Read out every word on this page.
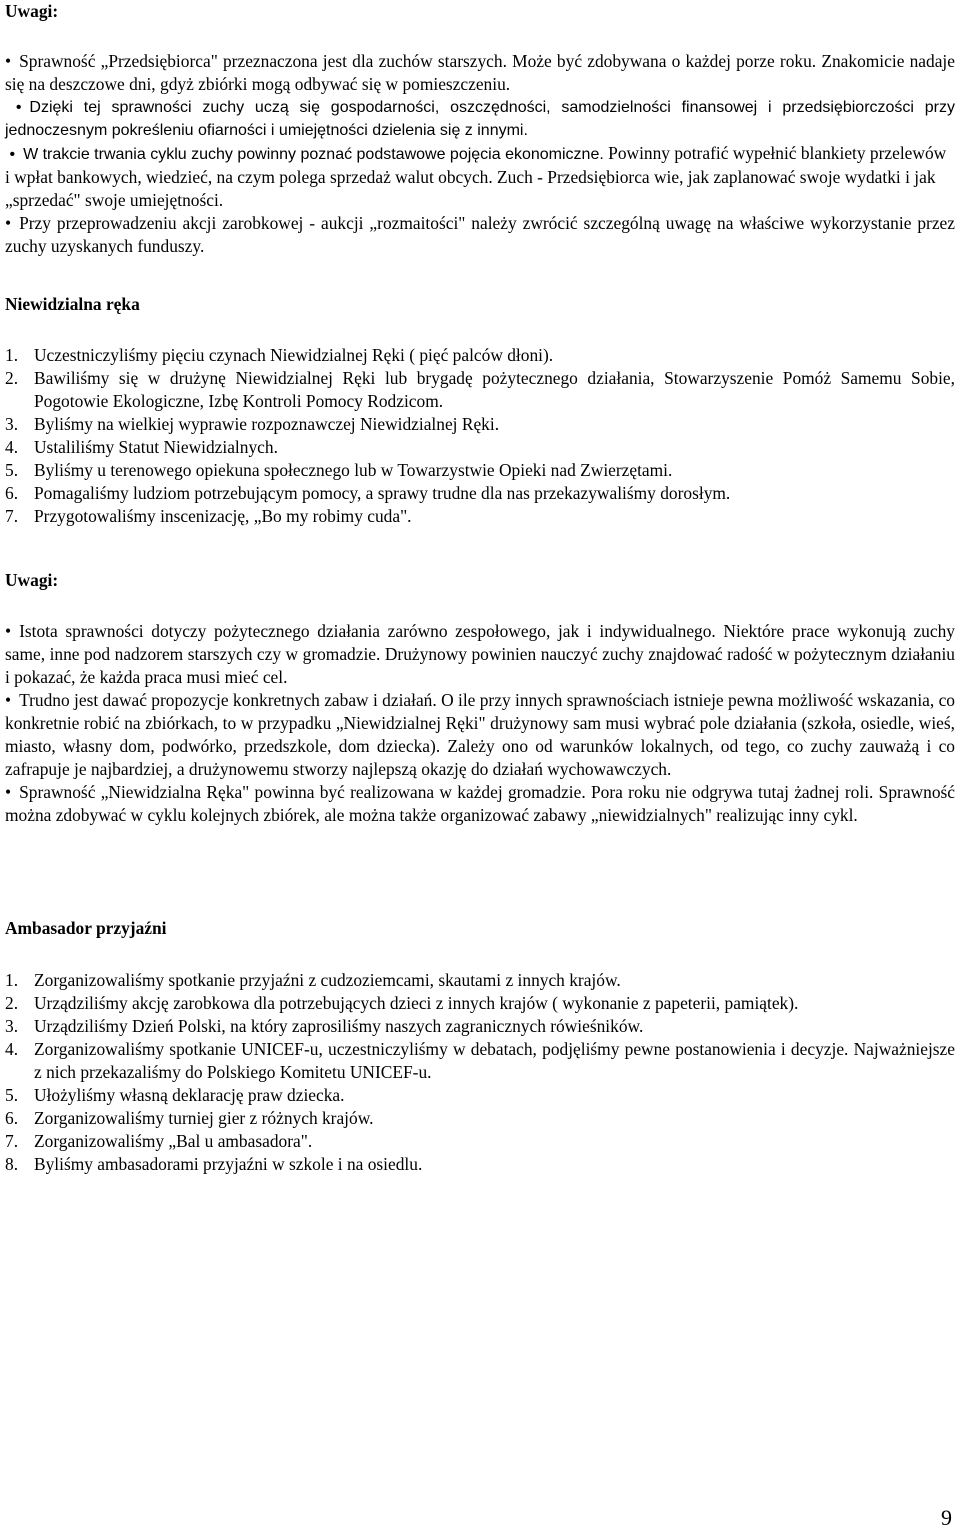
Uwagi:

• Sprawność „Przedsiębiorca" przeznaczona jest dla zuchów starszych. Może być zdobywana o każdej porze roku. Znakomicie nadaje się na deszczowe dni, gdyż zbiórki mogą odbywać się w pomieszczeniu.

• Dzięki tej sprawności zuchy uczą się gospodarności, oszczędności, samodzielności finansowej i przedsiębiorczości przy jednoczesnym pokreśleniu ofiarności i umiejętności dzielenia się z innymi.

• W trakcie trwania cyklu zuchy powinny poznać podstawowe pojęcia ekonomiczne.

Powinny potrafić wypełnić blankiety przelewów i wpłat bankowych, wiedzieć, na czym polega sprzedaż walut obcych. Zuch - Przedsiębiorca wie, jak zaplanować swoje wydatki i jak „sprzedać" swoje umiejętności.

• Przy przeprowadzeniu akcji zarobkowej - aukcji „rozmaitości" należy zwrócić szczególną uwagę na właściwe wykorzystanie przez zuchy uzyskanych funduszy.

Niewidzialna ręka
1. Uczestniczyliśmy pięciu czynach Niewidzialnej Ręki ( pięć palców dłoni).
2. Bawiliśmy się w drużynę Niewidzialnej Ręki lub brygadę pożytecznego działania, Stowarzyszenie Pomóż Samemu Sobie, Pogotowie Ekologiczne, Izbę Kontroli Pomocy Rodzicom.
3. Byliśmy na wielkiej wyprawie rozpoznawczej Niewidzialnej Ręki.
4. Ustaliliśmy Statut Niewidzialnych.
5. Byliśmy u terenowego opiekuna społecznego lub w Towarzystwie Opieki nad Zwierzętami.
6. Pomagaliśmy ludziom potrzebującym pomocy, a sprawy trudne dla nas przekazywaliśmy dorosłym.
7. Przygotowaliśmy inscenizację, „Bo my robimy cuda".
Uwagi:

• Istota sprawności dotyczy pożytecznego działania zarówno zespołowego, jak i indywidualnego. Niektóre prace wykonują zuchy same, inne pod nadzorem starszych czy w gromadzie. Drużynowy powinien nauczyć zuchy znajdować radość w pożytecznym działaniu i pokazać, że każda praca musi mieć cel.

• Trudno jest dawać propozycje konkretnych zabaw i działań. O ile przy innych sprawnościach istnieje pewna możliwość wskazania, co konkretnie robić na zbiórkach, to w przypadku „Niewidzialnej Ręki" drużynowy sam musi wybrać pole działania (szkoła, osiedle, wieś, miasto, własny dom, podwórko, przedszkole, dom dziecka). Zależy ono od warunków lokalnych, od tego, co zuchy zauważą i co zafrapuje je najbardziej, a drużynowemu stworzy najlepszą okazję do działań wychowawczych.

• Sprawność „Niewidzialna Ręka" powinna być realizowana w każdej gromadzie. Pora roku nie odgrywa tutaj żadnej roli. Sprawność można zdobywać w cyklu kolejnych zbiórek, ale można także organizować zabawy „niewidzialnych" realizując inny cykl.

Ambasador przyjaźni
1. Zorganizowaliśmy spotkanie przyjaźni z cudzoziemcami, skautami z innych krajów.
2. Urządziliśmy akcję zarobkowa dla potrzebujących dzieci z innych krajów ( wykonanie z papeterii, pamiątek).
3. Urządziliśmy Dzień Polski, na który zaprosiliśmy naszych zagranicznych rówieśników.
4. Zorganizowaliśmy spotkanie UNICEF-u, uczestniczyliśmy w debatach, podjęliśmy pewne postanowienia i decyzje. Najważniejsze z nich przekazaliśmy do Polskiego Komitetu UNICEF-u.
5. Ułożyliśmy własną deklarację praw dziecka.
6. Zorganizowaliśmy turniej gier z różnych krajów.
7. Zorganizowaliśmy „Bal u ambasadora".
8. Byliśmy ambasadorami przyjaźni w szkole i na osiedlu.
9
